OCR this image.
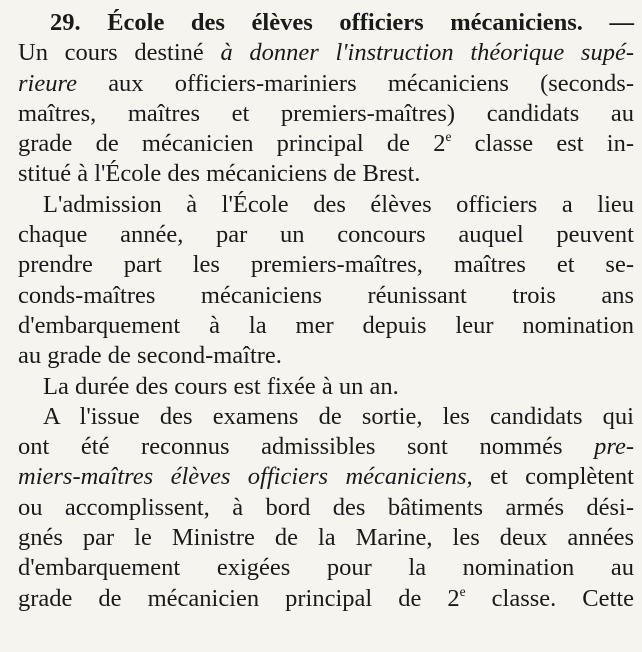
29. École des élèves officiers mécaniciens. —
Un cours destiné à donner l'instruction théorique supé-
rieure aux officiers-mariniers mécaniciens (seconds-
maîtres, maîtres et premiers-maîtres) candidats au
grade de mécanicien principal de 2e classe est in-
stitué à l'École des mécaniciens de Brest.
L'admission à l'École des élèves officiers a lieu
chaque année, par un concours auquel peuvent
prendre part les premiers-maîtres, maîtres et se-
conds-maîtres mécaniciens réunissant trois ans
d'embarquement à la mer depuis leur nomination
au grade de second-maître.
La durée des cours est fixée à un an.
A l'issue des examens de sortie, les candidats qui
ont été reconnus admissibles sont nommés pre-
miers-maîtres élèves officiers mécaniciens, et complètent
ou accomplissent, à bord des bâtiments armés dési-
gnés par le Ministre de la Marine, les deux années
d'embarquement exigées pour la nomination au
grade de mécanicien principal de 2e classe. Cette
